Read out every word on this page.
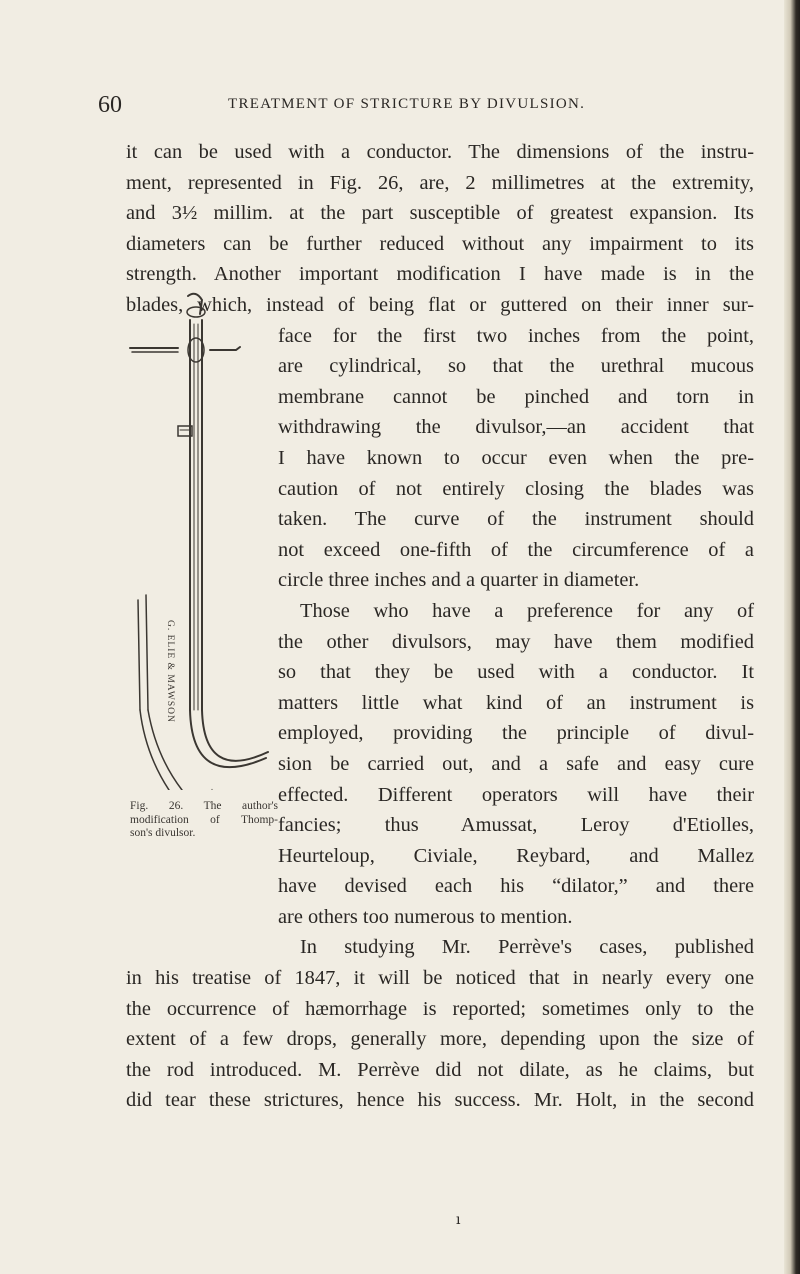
60	TREATMENT OF STRICTURE BY DIVULSION.
it can be used with a conductor. The dimensions of the instru-
ment, represented in Fig. 26, are, 2 millimetres at the extremity,
and 3½ millim. at the part susceptible of greatest expansion. Its
diameters can be further reduced without any impairment to its
strength. Another important modification I have made is in the
blades, which, instead of being flat or guttered on their inner sur-
face for the first two inches from the point,
are cylindrical, so that the urethral mucous
membrane cannot be pinched and torn in
withdrawing the divulsor,—an accident that
I have known to occur even when the pre-
caution of not entirely closing the blades was
taken. The curve of the instrument should
not exceed one-fifth of the circumference of a
circle three inches and a quarter in diameter.
Those who have a preference for any of
the other divulsors, may have them modified
so that they be used with a conductor. It
matters little what kind of an instrument is
employed, providing the principle of divul-
sion be carried out, and a safe and easy cure
effected. Different operators will have their
fancies; thus Amussat, Leroy d'Etiolles,
Heurteloup, Civiale, Reybard, and Mallez
have devised each his “dilator,” and there
are others too numerous to mention.
In studying Mr. Perrève's cases, published
in his treatise of 1847, it will be noticed that in nearly every one
the occurrence of hæmorrhage is reported; sometimes only to the
extent of a few drops, generally more, depending upon the size of
the rod introduced. M. Perrève did not dilate, as he claims, but
did tear these strictures, hence his success. Mr. Holt, in the second
G. ELIE & MAWSON
Fig. 26. The author's
modification of Thomp-
son's divulsor.
ı
